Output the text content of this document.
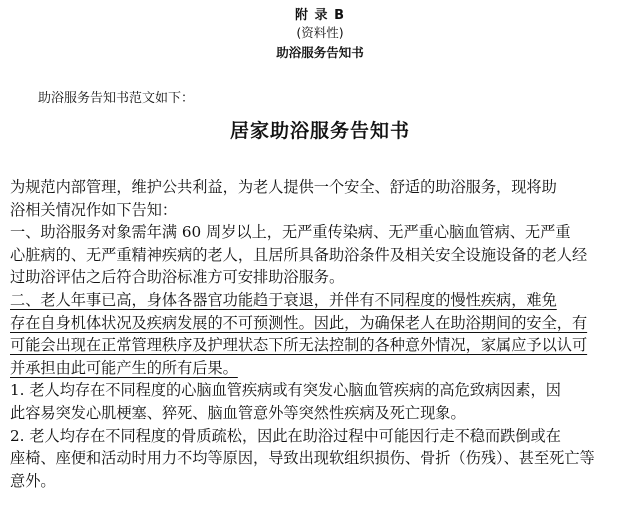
附 录 B
(资料性)
助浴服务告知书
助浴服务告知书范文如下：
居家助浴服务告知书
为规范内部管理，维护公共利益，为老人提供一个安全、舒适的助浴服务，现将助
浴相关情况作如下告知：
一、助浴服务对象需年满 60 周岁以上，无严重传染病、无严重心脑血管病、无严重
心脏病的、无严重精神疾病的老人，且居所具备助浴条件及相关安全设施设备的老人经
过助浴评估之后符合助浴标准方可安排助浴服务。
二、老人年事已高，身体各器官功能趋于衰退，并伴有不同程度的慢性疾病，难免
存在自身机体状况及疾病发展的不可预测性。因此，为确保老人在助浴期间的安全，有
可能会出现在正常管理秩序及护理状态下所无法控制的各种意外情况，家属应予以认可
并承担由此可能产生的所有后果。
1. 老人均存在不同程度的心脑血管疾病或有突发心脑血管疾病的高危致病因素，因
此容易突发心肌梗塞、猝死、脑血管意外等突然性疾病及死亡现象。
2. 老人均存在不同程度的骨质疏松，因此在助浴过程中可能因行走不稳而跌倒或在
座椅、座便和活动时用力不均等原因，导致出现软组织损伤、骨折（伤残）、甚至死亡等
意外。
